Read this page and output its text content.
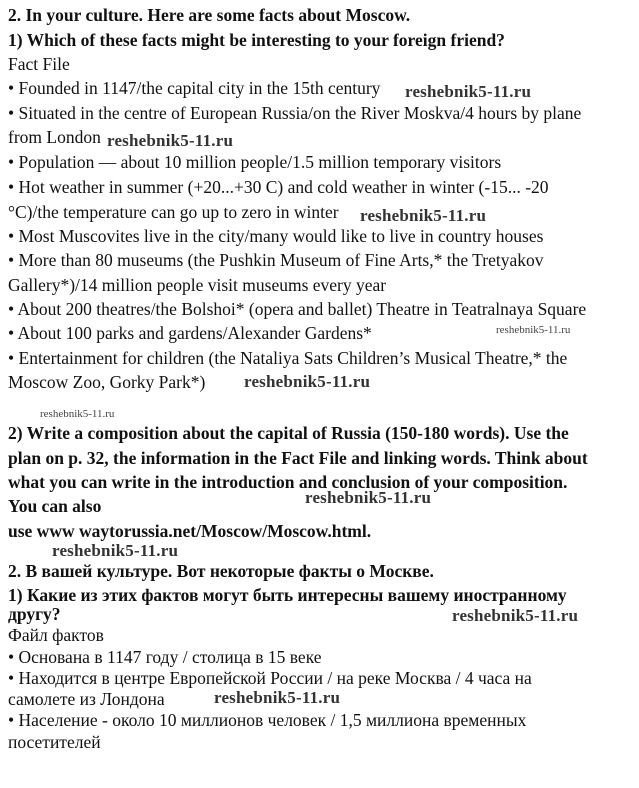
2. In your culture. Here are some facts about Moscow.
1) Which of these facts might be interesting to your foreign friend?
Fact File
• Founded in 1147/the capital city in the 15th century
• Situated in the centre of European Russia/on the River Moskva/4 hours by plane
from London
• Population — about 10 million people/1.5 million temporary visitors
• Hot weather in summer (+20...+30 C) and cold weather in winter (-15... -20
°C)/the temperature can go up to zero in winter
• Most Muscovites live in the city/many would like to live in country houses
• More than 80 museums (the Pushkin Museum of Fine Arts,* the Tretyakov
Gallery*)/14 million people visit museums every year
• About 200 theatres/the Bolshoi* (opera and ballet) Theatre in Teatralnaya Square
• About 100 parks and gardens/Alexander Gardens*
• Entertainment for children (the Nataliya Sats Children’s Musical Theatre,* the
Moscow Zoo, Gorky Park*)
2) Write a composition about the capital of Russia (150-180 words). Use the
plan on p. 32, the information in the Fact File and linking words. Think about
what you can write in the introduction and conclusion of your composition.
You can also
use www waytorussia.net/Moscow/Moscow.html.
2. В вашей культуре. Вот некоторые факты о Москве.
1) Какие из этих фактов могут быть интересны вашему иностранному
другу?
Файл фактов
• Основана в 1147 году / столица в 15 веке
• Находится в центре Европейской России / на реке Москва / 4 часа на
самолете из Лондона
• Население - около 10 миллионов человек / 1,5 миллиона временных
посетителей
reshebnik5-11.ru
reshebnik5-11.ru
reshebnik5-11.ru
reshebnik5-11.ru
reshebnik5-11.ru
reshebnik5-11.ru
reshebnik5-11.ru
reshebnik5-11.ru
reshebnik5-11.ru
reshebnik5-11.ru
